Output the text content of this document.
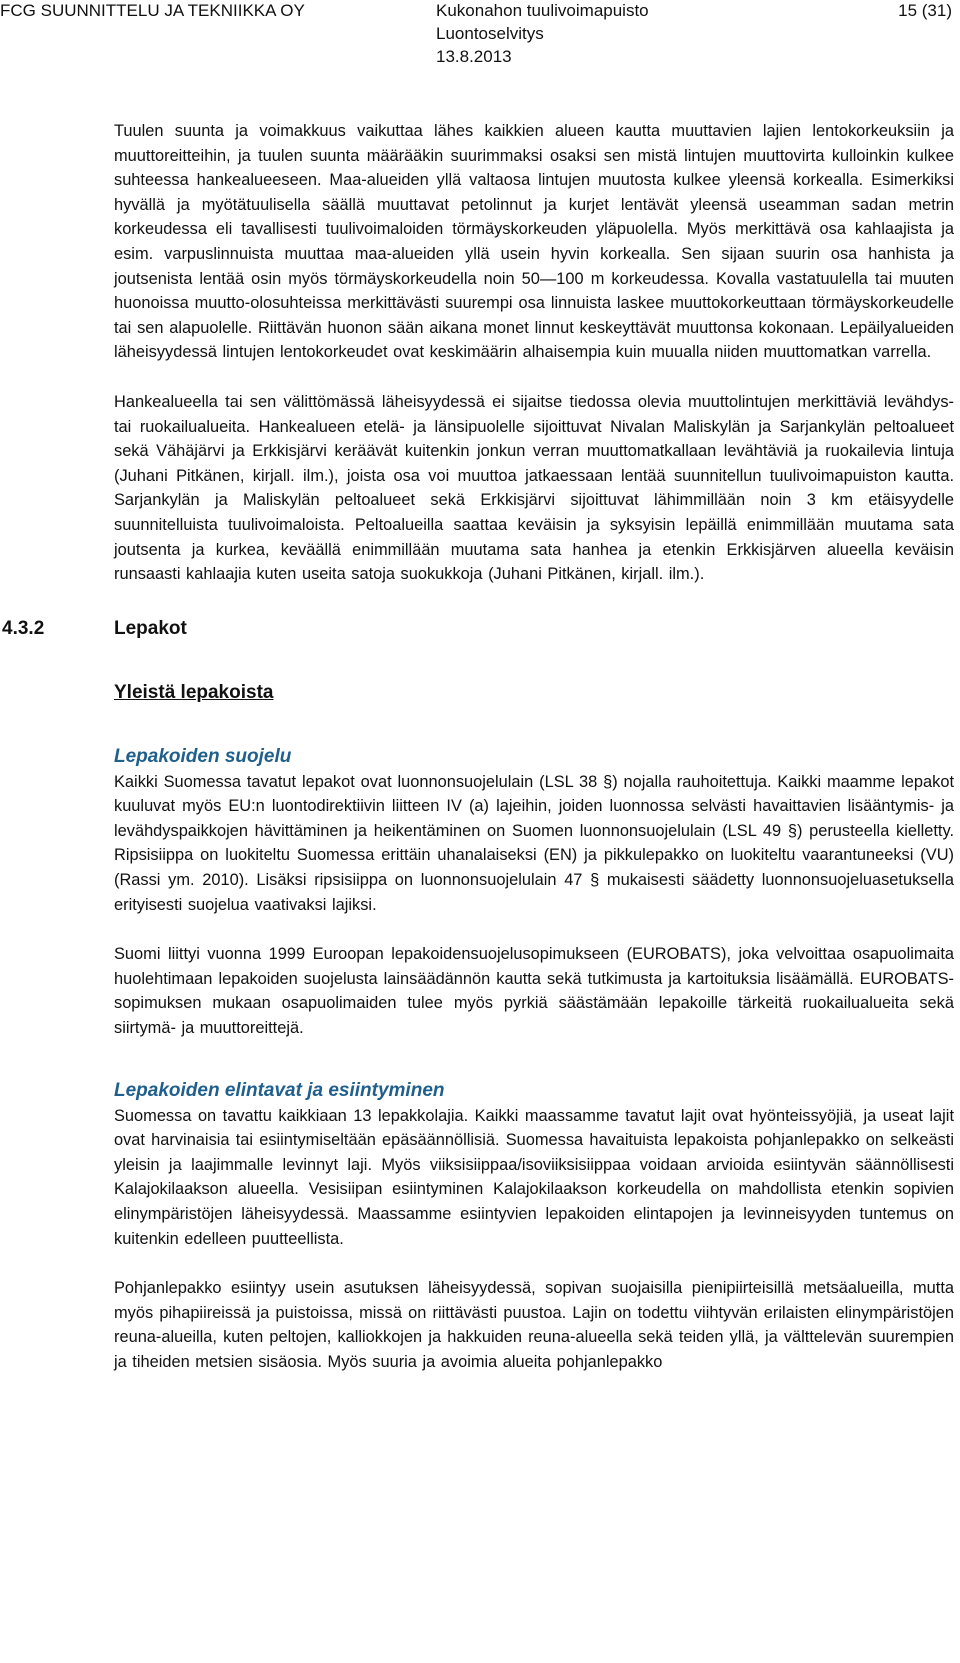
FCG SUUNNITTELU JA TEKNIIKKA OY	Kukonahon tuulivoimapuisto
Luontoselvitys
13.8.2013
15 (31)

Tuulen suunta ja voimakkuus vaikuttaa lähes kaikkien alueen kautta muuttavien lajien lentokorkeuksiin ja muuttoreitteihin, ja tuulen suunta määrääkin suurimmaksi osaksi sen mistä lintujen muuttovirta kulloinkin kulkee suhteessa hankealueeseen. Maa-alueiden yllä valtaosa lintujen muutosta kulkee yleensä korkealla. Esimerkiksi hyvällä ja myötätuulisella säällä muuttavat petolinnut ja kurjet lentävät yleensä useamman sadan metrin korkeudessa eli tavallisesti tuulivoimaloiden törmäyskorkeuden yläpuolella. Myös merkittävä osa kahlaajista ja esim. varpuslinnuista muuttaa maa-alueiden yllä usein hyvin korkealla. Sen sijaan suurin osa hanhista ja joutsenista lentää osin myös törmäyskorkeudella noin 50—100 m korkeudessa. Kovalla vastatuulella tai muuten huonoissa muutto-olosuhteissa merkittävästi suurempi osa linnuista laskee muuttokorkeuttaan törmäyskorkeudelle tai sen alapuolelle. Riittävän huonon sään aikana monet linnut keskeyttävät muuttonsa kokonaan. Lepäilyalueiden läheisyydessä lintujen lentokorkeudet ovat keskimäärin alhaisempia kuin muualla niiden muuttomatkan varrella.

Hankealueella tai sen välittömässä läheisyydessä ei sijaitse tiedossa olevia muuttolintujen merkittäviä levähdys- tai ruokailualueita. Hankealueen etelä- ja länsipuolelle sijoittuvat Nivalan Maliskylän ja Sarjankylän peltoalueet sekä Vähäjärvi ja Erkkisjärvi keräävät kuitenkin jonkun verran muuttomatkallaan levähtäviä ja ruokailevia lintuja (Juhani Pitkänen, kirjall. ilm.), joista osa voi muuttoa jatkaessaan lentää suunnitellun tuulivoimapuiston kautta. Sarjankylän ja Maliskylän peltoalueet sekä Erkkisjärvi sijoittuvat lähimmillään noin 3 km etäisyydelle suunnitelluista tuulivoimaloista. Peltoalueilla saattaa keväisin ja syksyisin lepäillä enimmillään muutama sata joutsenta ja kurkea, keväällä enimmillään muutama sata hanhea ja etenkin Erkkisjärven alueella keväisin runsaasti kahlaajia kuten useita satoja suokukkoja (Juhani Pitkänen, kirjall. ilm.).

4.3.2	Lepakot
Yleistä lepakoista
Lepakoiden suojelu

Kaikki Suomessa tavatut lepakot ovat luonnonsuojelulain (LSL 38 §) nojalla rauhoitettuja. Kaikki maamme lepakot kuuluvat myös EU:n luontodirektiivin liitteen IV (a) lajeihin, joiden luonnossa selvästi havaittavien lisääntymis- ja levähdyspaikkojen hävittäminen ja heikentäminen on Suomen luonnonsuojelulain (LSL 49 §) perusteella kielletty. Ripsisiippa on luokiteltu Suomessa erittäin uhanalaiseksi (EN) ja pikkulepakko on luokiteltu vaarantuneeksi (VU) (Rassi ym. 2010). Lisäksi ripsisiippa on luonnonsuojelulain 47 § mukaisesti säädetty luonnonsuojeluasetuksella erityisesti suojelua vaativaksi lajiksi.

Suomi liittyi vuonna 1999 Euroopan lepakoidensuojelusopimukseen (EUROBATS), joka velvoittaa osapuolimaita huolehtimaan lepakoiden suojelusta lainsäädännön kautta sekä tutkimusta ja kartoituksia lisäämällä. EUROBATS-sopimuksen mukaan osapuolimaiden tulee myös pyrkiä säästämään lepakoille tärkeitä ruokailualueita sekä siirtymä- ja muuttoreittejä.

Lepakoiden elintavat ja esiintyminen

Suomessa on tavattu kaikkiaan 13 lepakkolajia. Kaikki maassamme tavatut lajit ovat hyönteissyöjiä, ja useat lajit ovat harvinaisia tai esiintymiseltään epäsäännöllisiä. Suomessa havaituista lepakoista pohjanlepakko on selkeästi yleisin ja laajimmalle levinnyt laji. Myös viiksisiippaa/isoviiksisiippaa voidaan arvioida esiintyvän säännöllisesti Kalajokilaakson alueella. Vesisiipan esiintyminen Kalajokilaakson korkeudella on mahdollista etenkin sopivien elinympäristöjen läheisyydessä. Maassamme esiintyvien lepakoiden elintapojen ja levinneisyyden tuntemus on kuitenkin edelleen puutteellista.

Pohjanlepakko esiintyy usein asutuksen läheisyydessä, sopivan suojaisilla pienipiirteisillä metsäalueilla, mutta myös pihapiireissä ja puistoissa, missä on riittävästi puustoa. Lajin on todettu viihtyvän erilaisten elinympäristöjen reuna-alueilla, kuten peltojen, kalliokkojen ja hakkuiden reuna-alueella sekä teiden yllä, ja välttelevän suurempien ja tiheiden metsien sisäosia. Myös suuria ja avoimia alueita pohjanlepakko
